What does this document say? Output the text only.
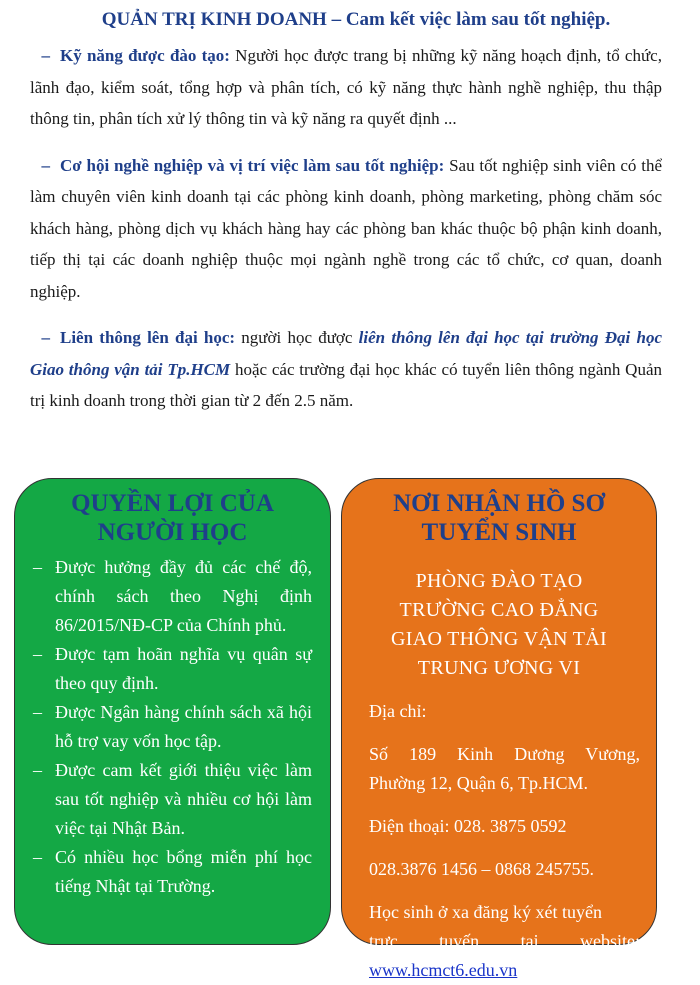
QUẢN TRỊ KINH DOANH – Cam kết việc làm sau tốt nghiệp.

– Kỹ năng được đào tạo: Người học được trang bị những kỹ năng hoạch định, tổ chức, lãnh đạo, kiểm soát, tổng hợp và phân tích, có kỹ năng thực hành nghề nghiệp, thu thập thông tin, phân tích xử lý thông tin và kỹ năng ra quyết định ...

– Cơ hội nghề nghiệp và vị trí việc làm sau tốt nghiệp: Sau tốt nghiệp sinh viên có thể làm chuyên viên kinh doanh tại các phòng kinh doanh, phòng marketing, phòng chăm sóc khách hàng, phòng dịch vụ khách hàng hay các phòng ban khác thuộc bộ phận kinh doanh, tiếp thị tại các doanh nghiệp thuộc mọi ngành nghề trong các tổ chức, cơ quan, doanh nghiệp.

– Liên thông lên đại học: người học được liên thông lên đại học tại trường Đại học Giao thông vận tải Tp.HCM hoặc các trường đại học khác có tuyển liên thông ngành Quản trị kinh doanh trong thời gian từ 2 đến 2.5 năm.

QUYỀN LỢI CỦA
NGƯỜI HỌC
– Được hưởng đầy đủ các chế độ, chính sách theo Nghị định 86/2015/NĐ-CP của Chính phủ.
– Được tạm hoãn nghĩa vụ quân sự theo quy định.
– Được Ngân hàng chính sách xã hội hỗ trợ vay vốn học tập.
– Được cam kết giới thiệu việc làm sau tốt nghiệp và nhiều cơ hội làm việc tại Nhật Bản.
– Có nhiều học bổng miễn phí học tiếng Nhật tại Trường.
NƠI NHẬN HỒ SƠ
TUYỂN SINH
PHÒNG ĐÀO TẠO
TRƯỜNG CAO ĐẲNG
GIAO THÔNG VẬN TẢI
TRUNG ƯƠNG VI
Địa chỉ:
Số 189 Kinh Dương Vương,
Phường 12, Quận 6, Tp.HCM.
Điện thoại: 028. 3875 0592
028.3876 1456 – 0868 245755.
Học sinh ở xa đăng ký xét tuyển
trực tuyến tại website:
www.hcmct6.edu.vn
